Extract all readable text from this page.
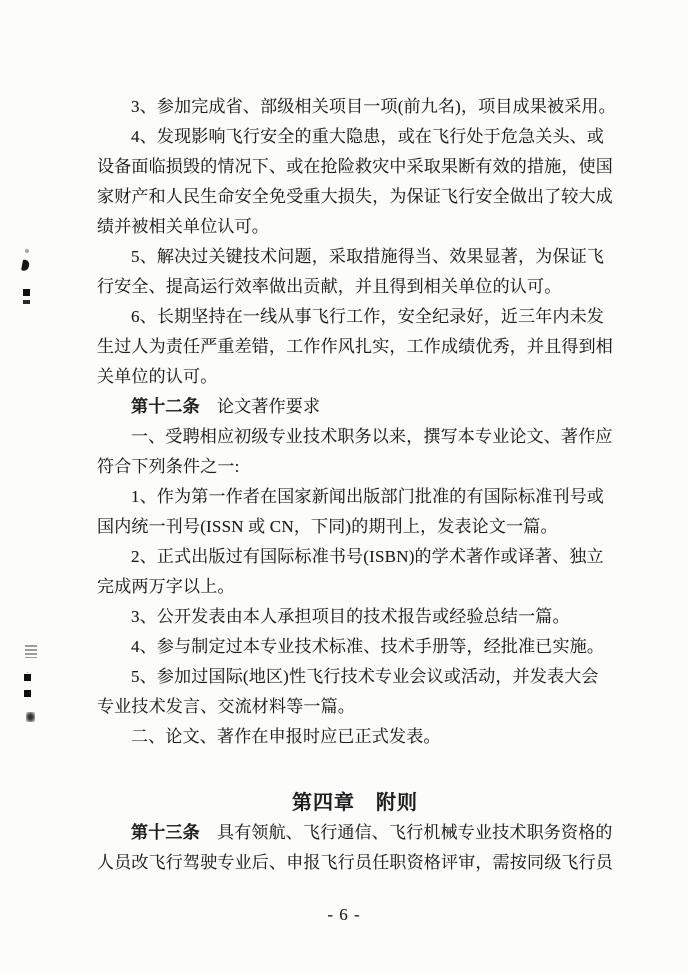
3、参加完成省、部级相关项目一项(前九名)，项目成果被采用。
4、发现影响飞行安全的重大隐患，或在飞行处于危急关头、或
设备面临损毁的情况下、或在抢险救灾中采取果断有效的措施，使国
家财产和人民生命安全免受重大损失，为保证飞行安全做出了较大成
绩并被相关单位认可。
5、解决过关键技术问题，采取措施得当、效果显著，为保证飞
行安全、提高运行效率做出贡献，并且得到相关单位的认可。
6、长期坚持在一线从事飞行工作，安全纪录好，近三年内未发
生过人为责任严重差错，工作作风扎实，工作成绩优秀，并且得到相
关单位的认可。
第十二条　论文著作要求
一、受聘相应初级专业技术职务以来，撰写本专业论文、著作应
符合下列条件之一:
1、作为第一作者在国家新闻出版部门批准的有国际标准刊号或
国内统一刊号(ISSN 或 CN，下同)的期刊上，发表论文一篇。
2、正式出版过有国际标准书号(ISBN)的学术著作或译著、独立
完成两万字以上。
3、公开发表由本人承担项目的技术报告或经验总结一篇。
4、参与制定过本专业技术标准、技术手册等，经批准已实施。
5、参加过国际(地区)性飞行技术专业会议或活动，并发表大会
专业技术发言、交流材料等一篇。
二、论文、著作在申报时应已正式发表。
第四章　附则
第十三条　具有领航、飞行通信、飞行机械专业技术职务资格的
人员改飞行驾驶专业后、申报飞行员任职资格评审，需按同级飞行员
- 6 -
